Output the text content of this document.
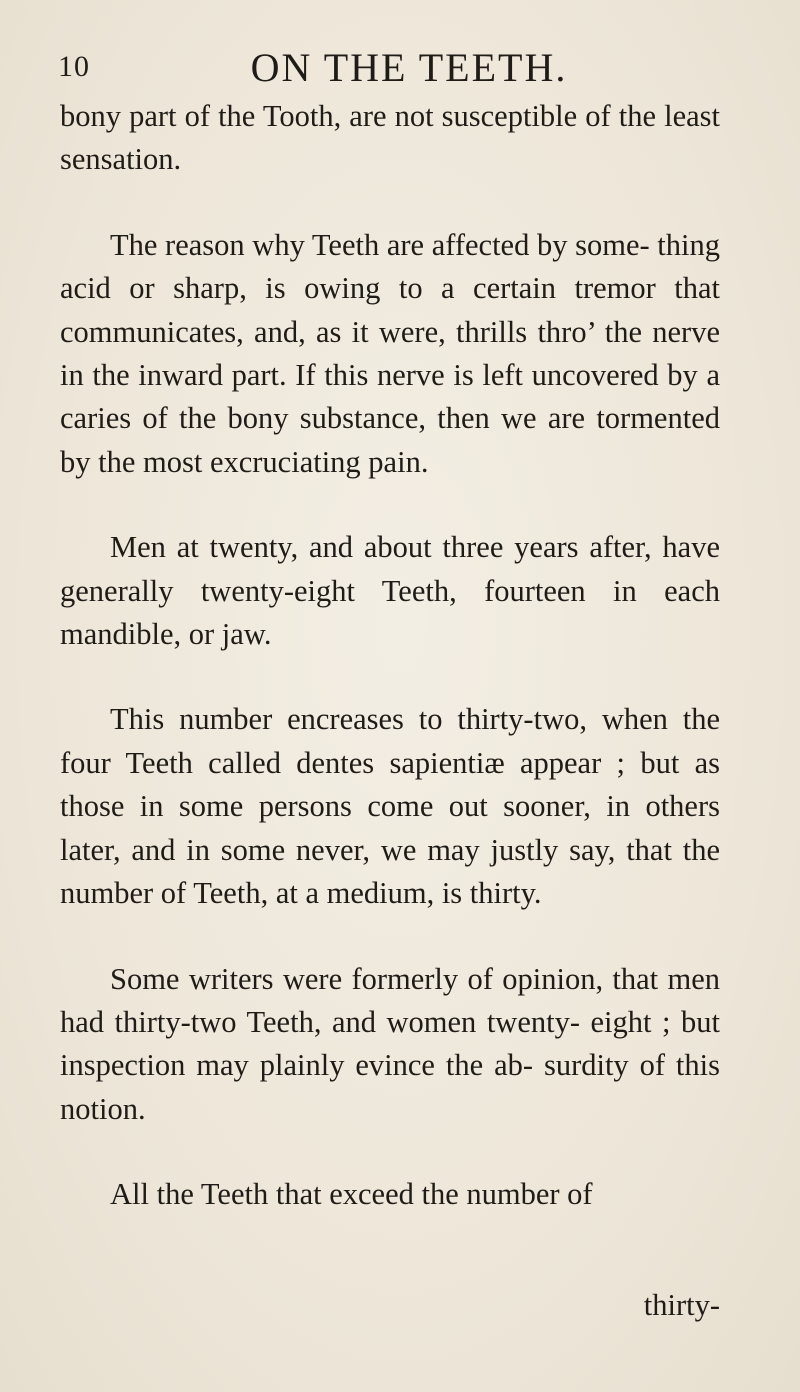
10	ON THE TEETH.

bony part of the Tooth, are not susceptible of the least sensation.

The reason why Teeth are affected by some- thing acid or sharp, is owing to a certain tremor that communicates, and, as it were, thrills thro’ the nerve in the inward part. If this nerve is left uncovered by a caries of the bony substance, then we are tormented by the most excruciating pain.

Men at twenty, and about three years after, have generally twenty-eight Teeth, fourteen in each mandible, or jaw.

This number encreases to thirty-two, when the four Teeth called dentes sapientiæ appear ; but as those in some persons come out sooner, in others later, and in some never, we may justly say, that the number of Teeth, at a medium, is thirty.

Some writers were formerly of opinion, that men had thirty-two Teeth, and women twenty- eight ; but inspection may plainly evince the ab- surdity of this notion.

All the Teeth that exceed the number of

thirty-
